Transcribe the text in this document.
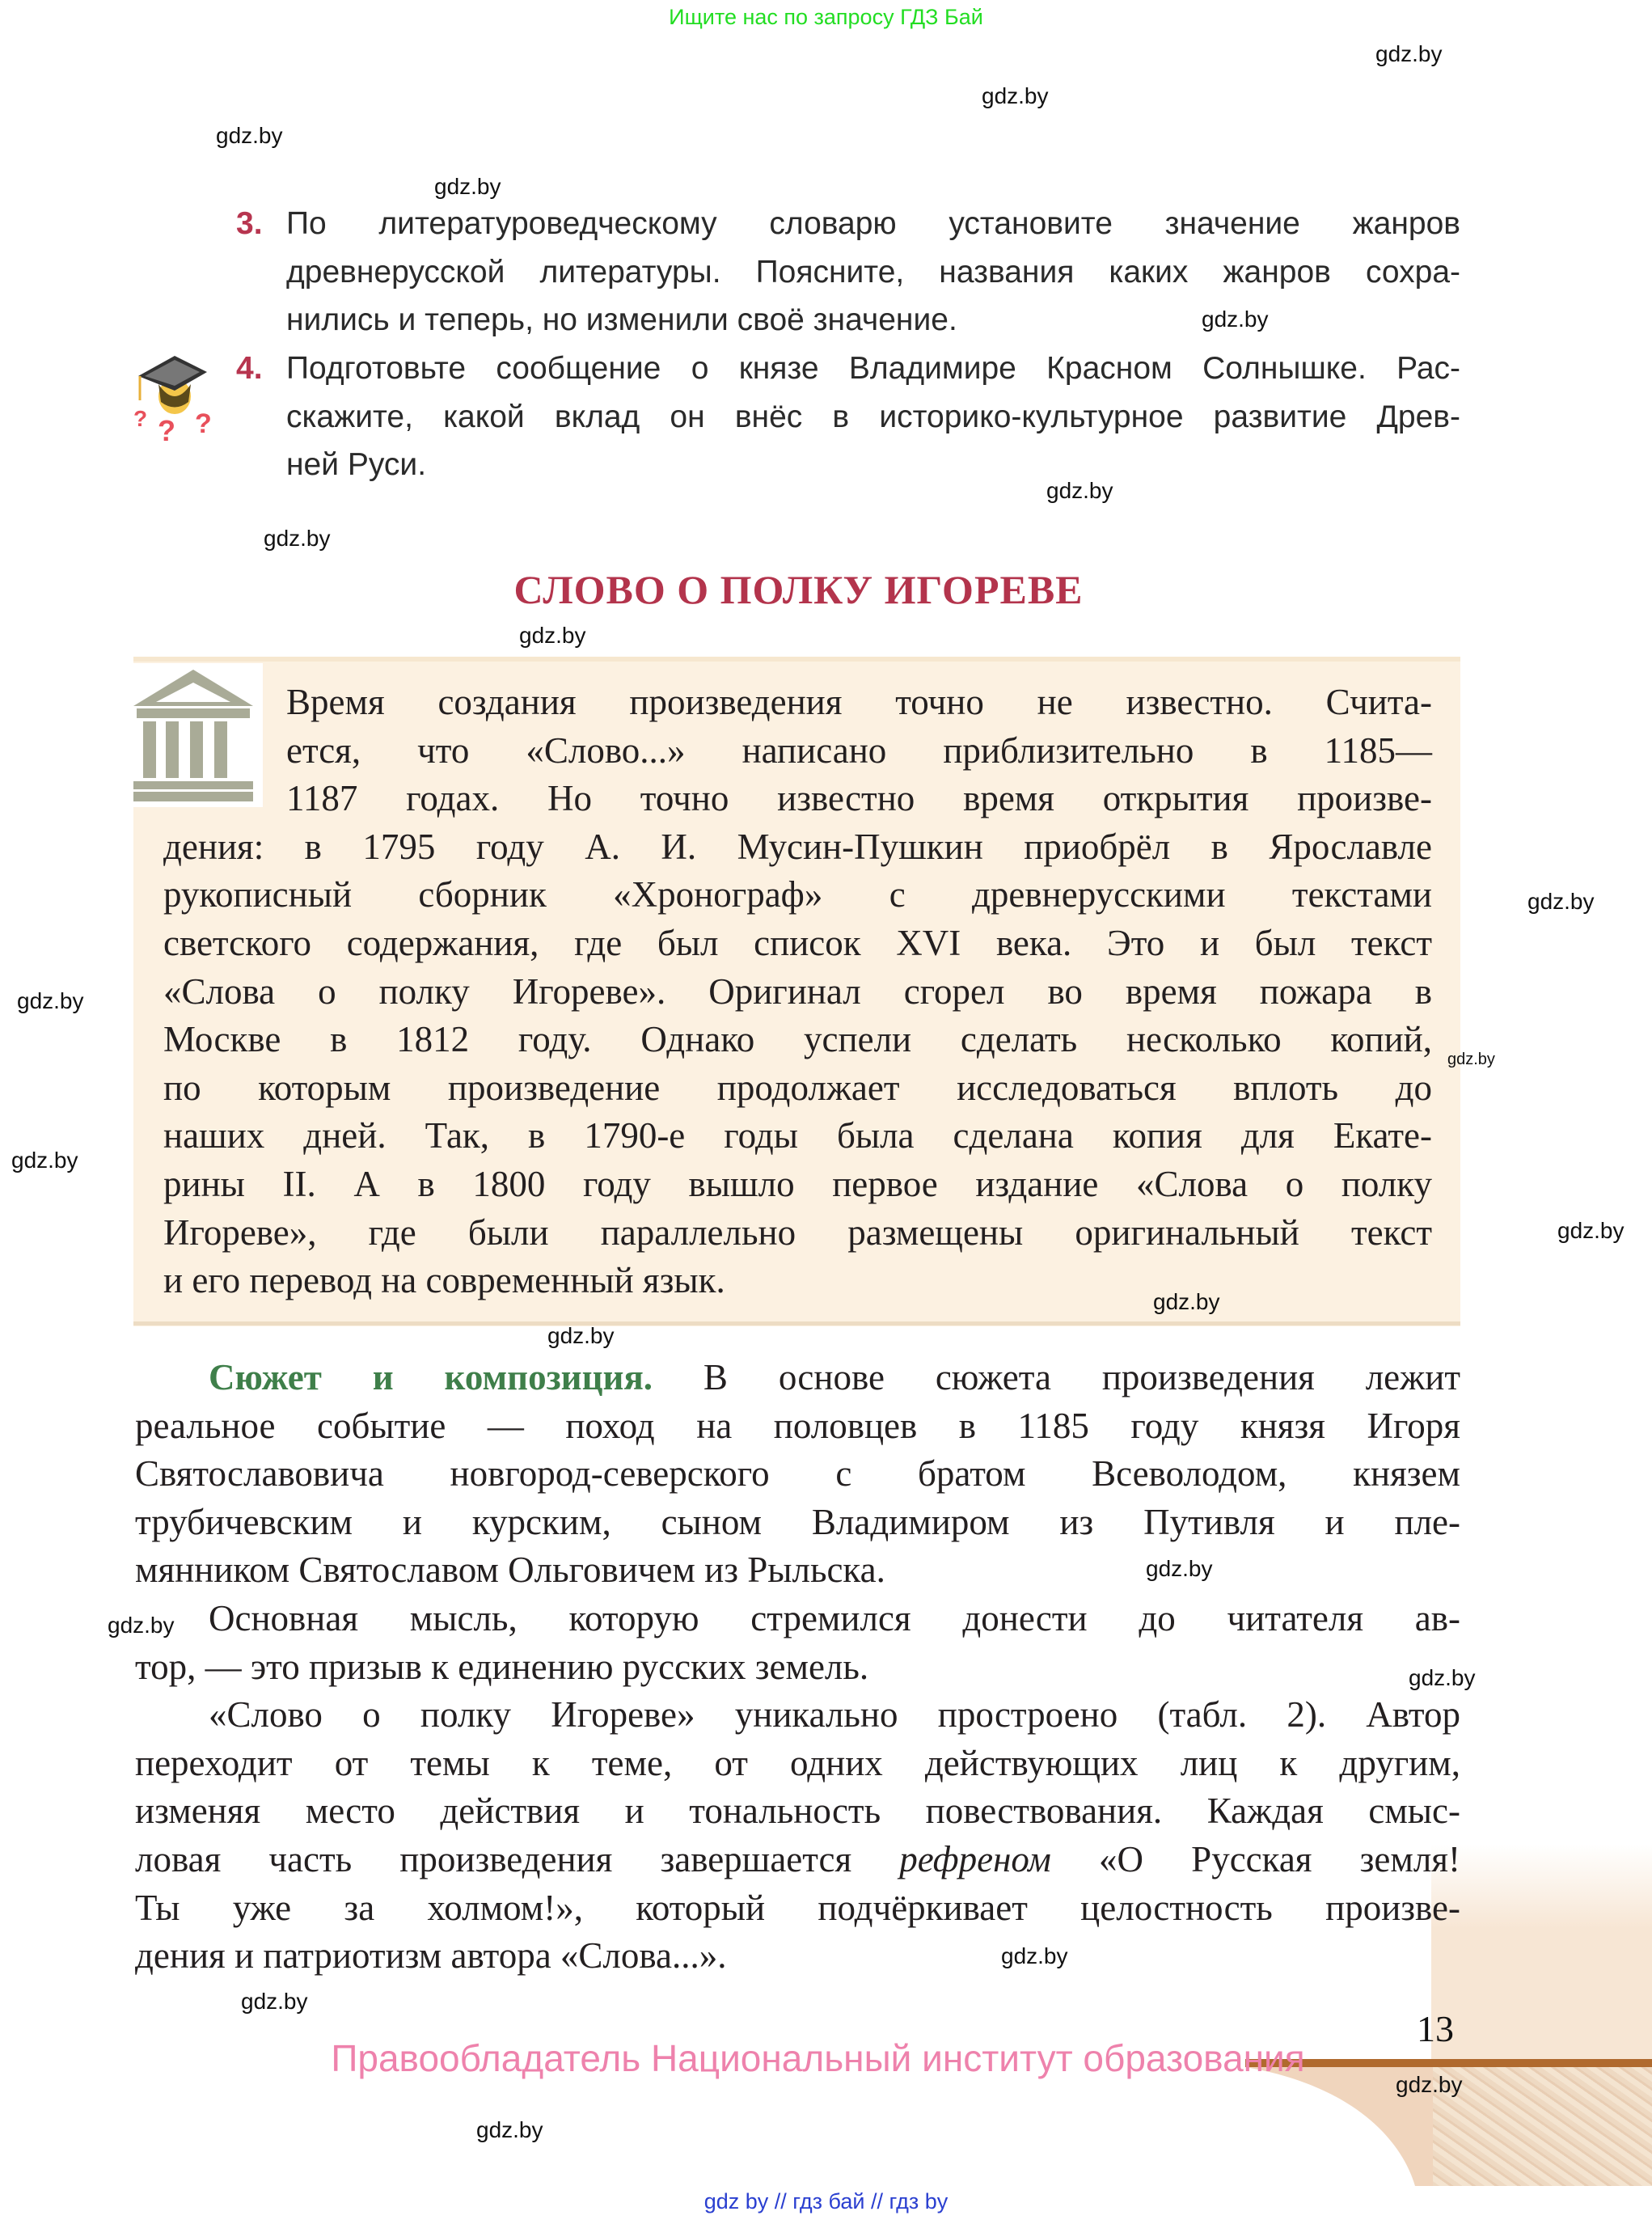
Ищите нас по запросу ГДЗ Бай
3. По литературоведческому словарю установите значение жанров
древнерусской литературы. Поясните, названия каких жанров сохра-
нились и теперь, но изменили своё значение.
4. Подготовьте сообщение о князе Владимире Красном Солнышке. Рас-
скажите, какой вклад он внёс в историко-культурное развитие Древ-
ней Руси.
? ? ?
СЛОВО О ПОЛКУ ИГОРЕВЕ
Время создания произведения точно не известно. Счита-
ется, что «Слово...» написано приблизительно в 1185—
1187 годах. Но точно известно время открытия произве-
дения: в 1795 году А. И. Мусин-Пушкин приобрёл в Ярославле
рукописный сборник «Хронограф» с древнерусскими текстами
светского содержания, где был список XVI века. Это и был текст
«Слова о полку Игореве». Оригинал сгорел во время пожара в
Москве в 1812 году. Однако успели сделать несколько копий,
по которым произведение продолжает исследоваться вплоть до
наших дней. Так, в 1790-е годы была сделана копия для Екате-
рины II. А в 1800 году вышло первое издание «Слова о полку
Игореве», где были параллельно размещены оригинальный текст
и его перевод на современный язык.
Сюжет и композиция. В основе сюжета произведения лежит
реальное событие — поход на половцев в 1185 году князя Игоря
Святославовича новгород-северского с братом Всеволодом, князем
трубичевским и курским, сыном Владимиром из Путивля и пле-
мянником Святославом Ольговичем из Рыльска.
Основная мысль, которую стремился донести до читателя ав-
тор, — это призыв к единению русских земель.
«Слово о полку Игореве» уникально простроено (табл. 2). Автор
переходит от темы к теме, от одних действующих лиц к другим,
изменяя место действия и тональность повествования. Каждая смыс-
ловая часть произведения завершается рефреном «О Русская земля!
Ты уже за холмом!», который подчёркивает целостность произве-
дения и патриотизм автора «Слова...».
gdz.by
gdz.by
gdz.by
gdz.by
gdz.by
gdz.by
gdz.by
gdz.by
gdz.by
gdz.by
gdz.by
gdz.by
gdz.by
gdz.by
gdz.by
gdz.by
gdz.by
gdz.by
gdz.by
gdz.by
gdz.by
gdz.by
13
Правообладатель Национальный институт образования
gdz by // гдз бай // гдз by
